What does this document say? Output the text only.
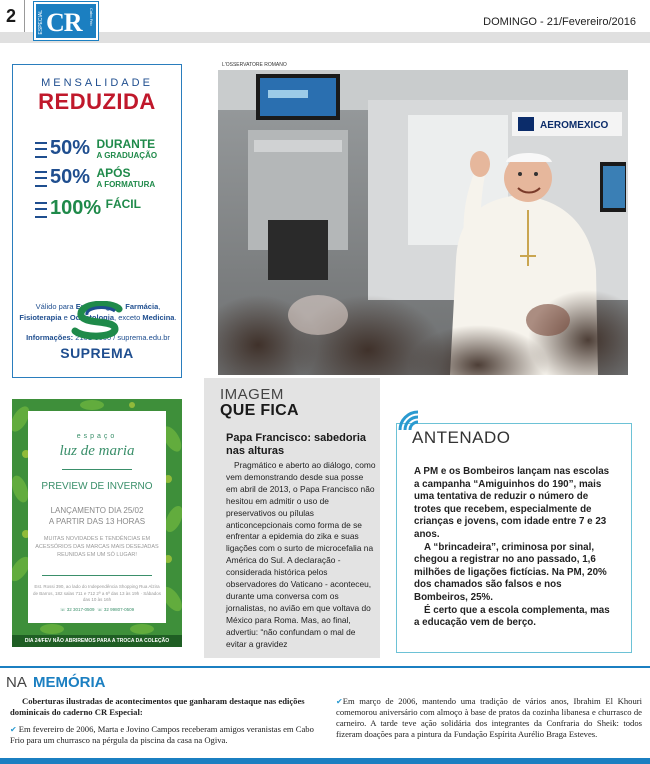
2	ESPECIAL CR Cabo Frio	DOMINGO - 21/Fevereiro/2016
MENSALIDADE
REDUZIDA
50% DURANTE
A GRADUAÇÃO
50% APÓS
A FORMATURA
100% $^{FÁCIL}$
Válido para Enfermagem, Farmácia, Fisioterapia e Odontologia, exceto Medicina.
Informações: 2101-5000 / suprema.edu.br
SUPREMA
espaço
luz de maria
PREVIEW DE INVERNO
LANÇAMENTO DIA 25/02
A PARTIR DAS 13 HORAS
MUITAS NOVIDADES E TENDÊNCIAS EM ACESSÓRIOS DAS MARCAS MAIS DESEJADAS REUNIDAS EM UM SÓ LUGAR!
Est. Rossi 390, ao lado do Independência Shopping Rua Alzira de Barros, 182 salas 711 e 712 2ª a 6ª das 13 às 19h · Sábados das 10 às 16h
☏ 32 3017-0509 ☏ 32 99807-0509
DIA 24/FEV NÃO ABRIREMOS PARA A TROCA DA COLEÇÃO
L'OSSERVATORE ROMANO
AEROMEXICO
IMAGEM
QUE FICA
Papa Francisco: sabedoria nas alturas
Pragmático e aberto ao diálogo, como vem demonstrando desde sua posse em abril de 2013, o Papa Francisco não hesitou em admitir o uso de preservativos ou pílulas anticoncepcionais como forma de se enfrentar a epidemia do zika e suas ligações com o surto de microcefalia na América do Sul. A declaração - considerada histórica pelos observadores do Vaticano - aconteceu, durante uma conversa com os jornalistas, no avião em que voltava do México para Roma. Mas, ao final, advertiu: “não confundam o mal de evitar a gravidez
ANTENADO

A PM e os Bombeiros lançam nas escolas a campanha “Amiguinhos do 190”, mais uma tentativa de reduzir o número de trotes que recebem, especialmente de crianças e jovens, com idade entre 7 e 23 anos.

A “brincadeira”, criminosa por sinal, chegou a registrar no ano passado, 1,6 milhões de ligações fictícias. Na PM, 20% dos chamados são falsos e nos Bombeiros, 25%.

É certo que a escola complementa, mas a educação vem de berço.

NA MEMÓRIA
Coberturas ilustradas de acontecimentos que ganharam destaque nas edições dominicais do caderno CR Especial:
✔ Em fevereiro de 2006, Marta e Jovino Campos receberam amigos veranistas em Cabo Frio para um churrasco na pérgula da piscina da casa na Ogiva.
✔Em março de 2006, mantendo uma tradição de vários anos, Ibrahim El Khouri comemorou aniversário com almoço à base de pratos da cozinha libanesa e churrasco de carneiro. A tarde teve ação solidária dos integrantes da Confraria do Sheik: todos fizeram doações para a pintura da Fundação Espírita Aurélio Braga Esteves.
